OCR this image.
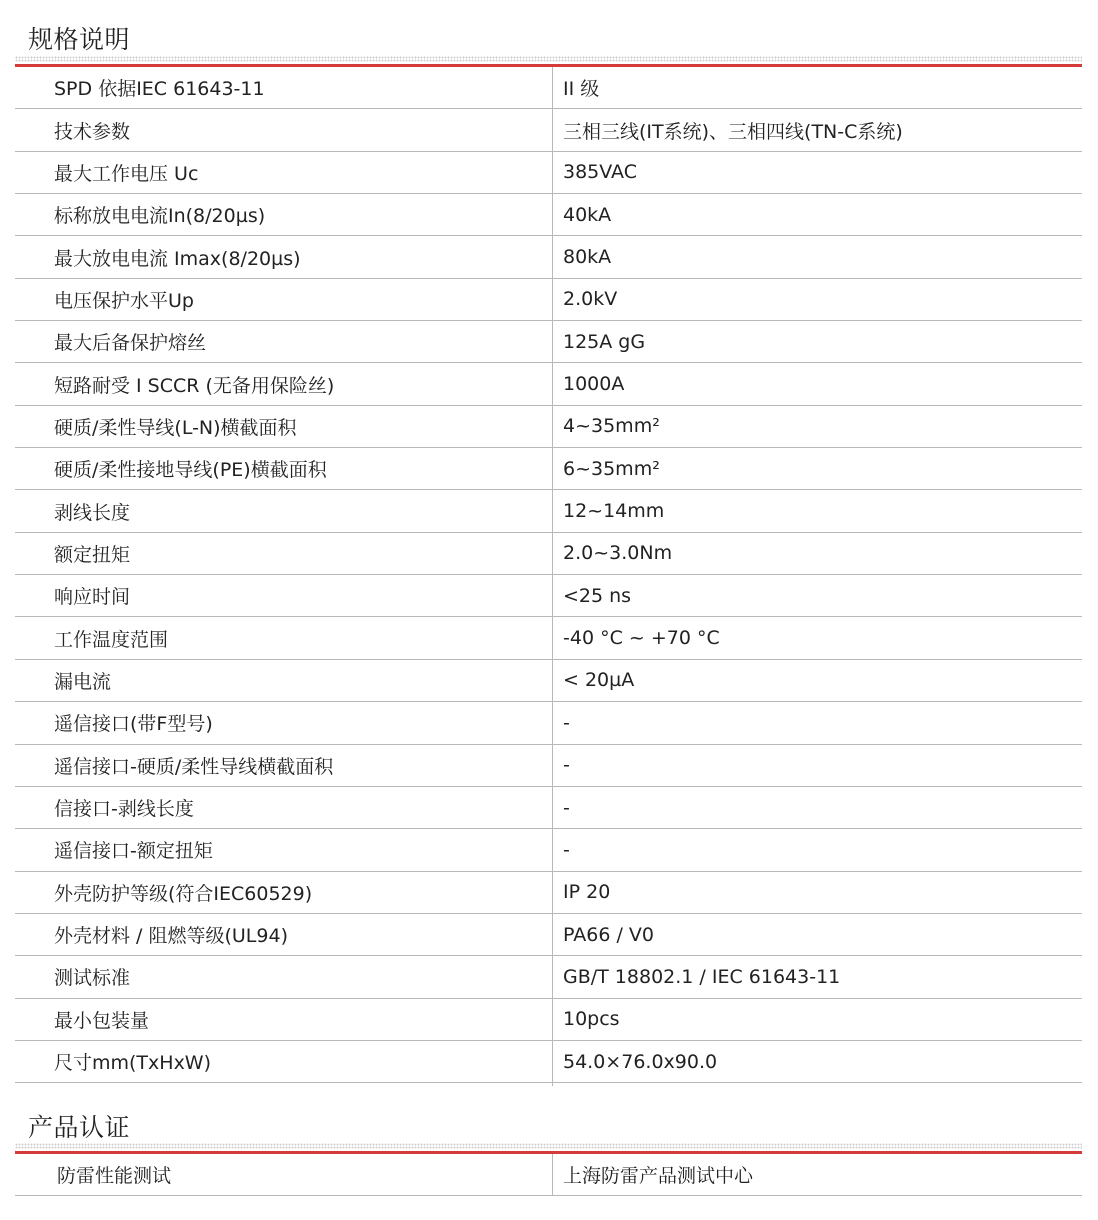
规格说明
SPD 依据IEC 61643-11	II 级
技术参数	三相三线(IT系统)、三相四线(TN-C系统)
最大工作电压 Uc	385VAC
标称放电电流In(8/20µs)	40kA
最大放电电流 Imax(8/20µs)	80kA
电压保护水平Up	2.0kV
最大后备保护熔丝	125A gG
短路耐受 I SCCR (无备用保险丝)	1000A
硬质/柔性导线(L-N)横截面积	4~35mm²
硬质/柔性接地导线(PE)横截面积	6~35mm²
剥线长度	12~14mm
额定扭矩	2.0~3.0Nm
响应时间	<25 ns
工作温度范围	-40 °C ~ +70 °C
漏电流	< 20µA
遥信接口(带F型号)	-
遥信接口-硬质/柔性导线横截面积	-
信接口-剥线长度	-
遥信接口-额定扭矩	-
外壳防护等级(符合IEC60529)	IP 20
外壳材料 / 阻燃等级(UL94)	PA66 / V0
测试标准	GB/T 18802.1 / IEC 61643-11
最小包装量	10pcs
尺寸mm(TxHxW)	54.0×76.0x90.0
产品认证
防雷性能测试	上海防雷产品测试中心
